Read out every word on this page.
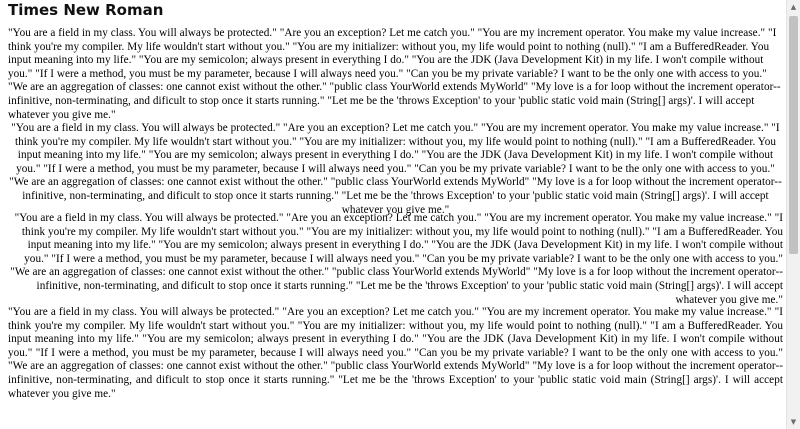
Times New Roman

"You are a field in my class. You will always be protected." "Are you an exception? Let me catch you." "You are my increment operator. You make my value increase." "I think you're my compiler. My life wouldn't start without you." "You are my initializer: without you, my life would point to nothing (null)." "I am a BufferedReader. You input meaning into my life." "You are my semicolon; always present in everything I do." "You are the JDK (Java Development Kit) in my life. I won't compile without you." "If I were a method, you must be my parameter, because I will always need you." "Can you be my private variable? I want to be the only one with access to you." "We are an aggregation of classes: one cannot exist without the other." "public class YourWorld extends MyWorld" "My love is a for loop without the increment operator-- infinitive, non-terminating, and dificult to stop once it starts running." "Let me be the 'throws Exception' to your 'public static void main (String[] args)'. I will accept whatever you give me."

"You are a field in my class. You will always be protected." "Are you an exception? Let me catch you." "You are my increment operator. You make my value increase." "I think you're my compiler. My life wouldn't start without you." "You are my initializer: without you, my life would point to nothing (null)." "I am a BufferedReader. You input meaning into my life." "You are my semicolon; always present in everything I do." "You are the JDK (Java Development Kit) in my life. I won't compile without you." "If I were a method, you must be my parameter, because I will always need you." "Can you be my private variable? I want to be the only one with access to you." "We are an aggregation of classes: one cannot exist without the other." "public class YourWorld extends MyWorld" "My love is a for loop without the increment operator-- infinitive, non-terminating, and dificult to stop once it starts running." "Let me be the 'throws Exception' to your 'public static void main (String[] args)'. I will accept whatever you give me."

"You are a field in my class. You will always be protected." "Are you an exception? Let me catch you." "You are my increment operator. You make my value increase." "I think you're my compiler. My life wouldn't start without you." "You are my initializer: without you, my life would point to nothing (null)." "I am a BufferedReader. You input meaning into my life." "You are my semicolon; always present in everything I do." "You are the JDK (Java Development Kit) in my life. I won't compile without you." "If I were a method, you must be my parameter, because I will always need you." "Can you be my private variable? I want to be the only one with access to you." "We are an aggregation of classes: one cannot exist without the other." "public class YourWorld extends MyWorld" "My love is a for loop without the increment operator-- infinitive, non-terminating, and dificult to stop once it starts running." "Let me be the 'throws Exception' to your 'public static void main (String[] args)'. I will accept whatever you give me."

"You are a field in my class. You will always be protected." "Are you an exception? Let me catch you." "You are my increment operator. You make my value increase." "I think you're my compiler. My life wouldn't start without you." "You are my initializer: without you, my life would point to nothing (null)." "I am a BufferedReader. You input meaning into my life." "You are my semicolon; always present in everything I do." "You are the JDK (Java Development Kit) in my life. I won't compile without you." "If I were a method, you must be my parameter, because I will always need you." "Can you be my private variable? I want to be the only one with access to you." "We are an aggregation of classes: one cannot exist without the other." "public class YourWorld extends MyWorld" "My love is a for loop without the increment operator-- infinitive, non-terminating, and dificult to stop once it starts running." "Let me be the 'throws Exception' to your 'public static void main (String[] args)'. I will accept whatever you give me."

▲
▼
